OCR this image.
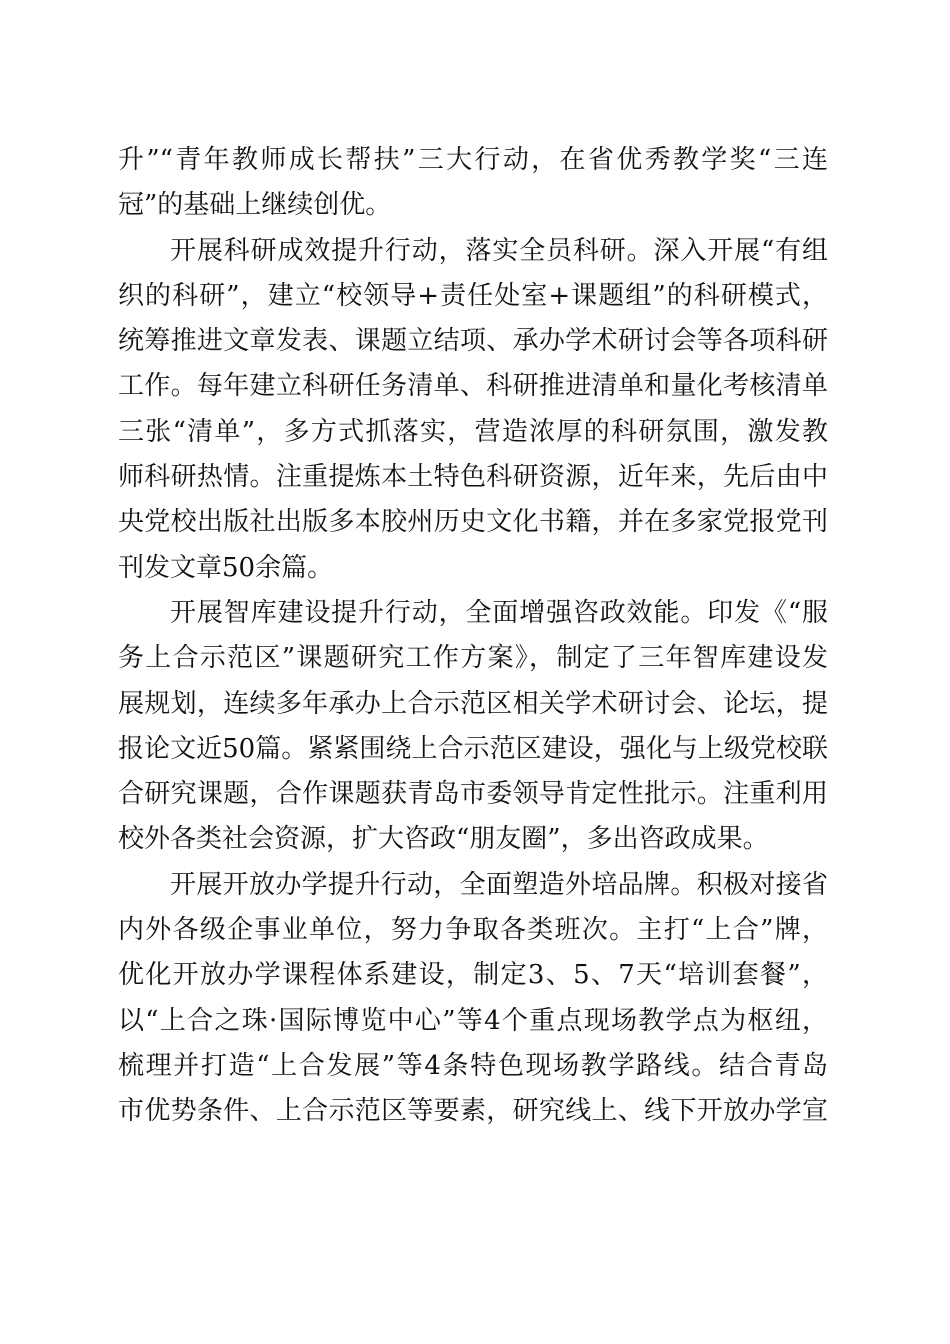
升”“青年教师成长帮扶”三大行动，在省优秀教学奖“三连
冠”的基础上继续创优。
开展科研成效提升行动，落实全员科研。深入开展“有组
织的科研”，建立“校领导+责任处室+课题组”的科研模式，
统筹推进文章发表、课题立结项、承办学术研讨会等各项科研
工作。每年建立科研任务清单、科研推进清单和量化考核清单
三张“清单”，多方式抓落实，营造浓厚的科研氛围，激发教
师科研热情。注重提炼本土特色科研资源，近年来，先后由中
央党校出版社出版多本胶州历史文化书籍，并在多家党报党刊
刊发文章50余篇。
开展智库建设提升行动，全面增强咨政效能。印发《“服
务上合示范区”课题研究工作方案》，制定了三年智库建设发
展规划，连续多年承办上合示范区相关学术研讨会、论坛，提
报论文近50篇。紧紧围绕上合示范区建设，强化与上级党校联
合研究课题，合作课题获青岛市委领导肯定性批示。注重利用
校外各类社会资源，扩大咨政“朋友圈”，多出咨政成果。
开展开放办学提升行动，全面塑造外培品牌。积极对接省
内外各级企事业单位，努力争取各类班次。主打“上合”牌，
优化开放办学课程体系建设，制定3、5、7天“培训套餐”，
以“上合之珠·国际博览中心”等4个重点现场教学点为枢纽，
梳理并打造“上合发展”等4条特色现场教学路线。结合青岛
市优势条件、上合示范区等要素，研究线上、线下开放办学宣
